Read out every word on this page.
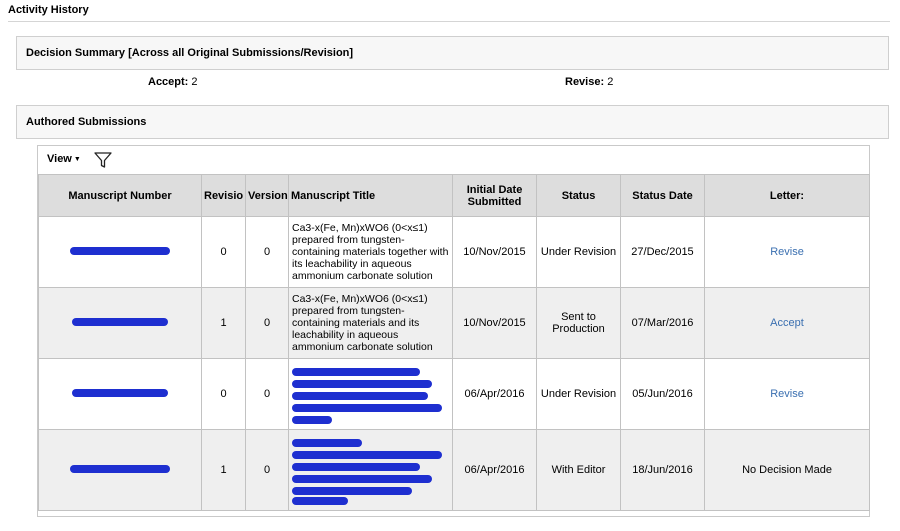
Activity History
Decision Summary [Across all Original Submissions/Revision]
Accept: 2	Revise: 2
Authored Submissions
View ▼
Manuscript Number	Revisio	Version	Manuscript Title	Initial Date Submitted	Status	Status Date	Letter:
	0	0	Ca3-x(Fe, Mn)xWO6 (0<x≤1) prepared from tungsten-containing materials together with its leachability in aqueous ammonium carbonate solution	10/Nov/2015	Under Revision	27/Dec/2015	Revise
	1	0	Ca3-x(Fe, Mn)xWO6 (0<x≤1) prepared from tungsten-containing materials and its leachability in aqueous ammonium carbonate solution	10/Nov/2015	Sent to Production	07/Mar/2016	Accept
	0	0		06/Apr/2016	Under Revision	05/Jun/2016	Revise
	1	0		06/Apr/2016	With Editor	18/Jun/2016	No Decision Made
